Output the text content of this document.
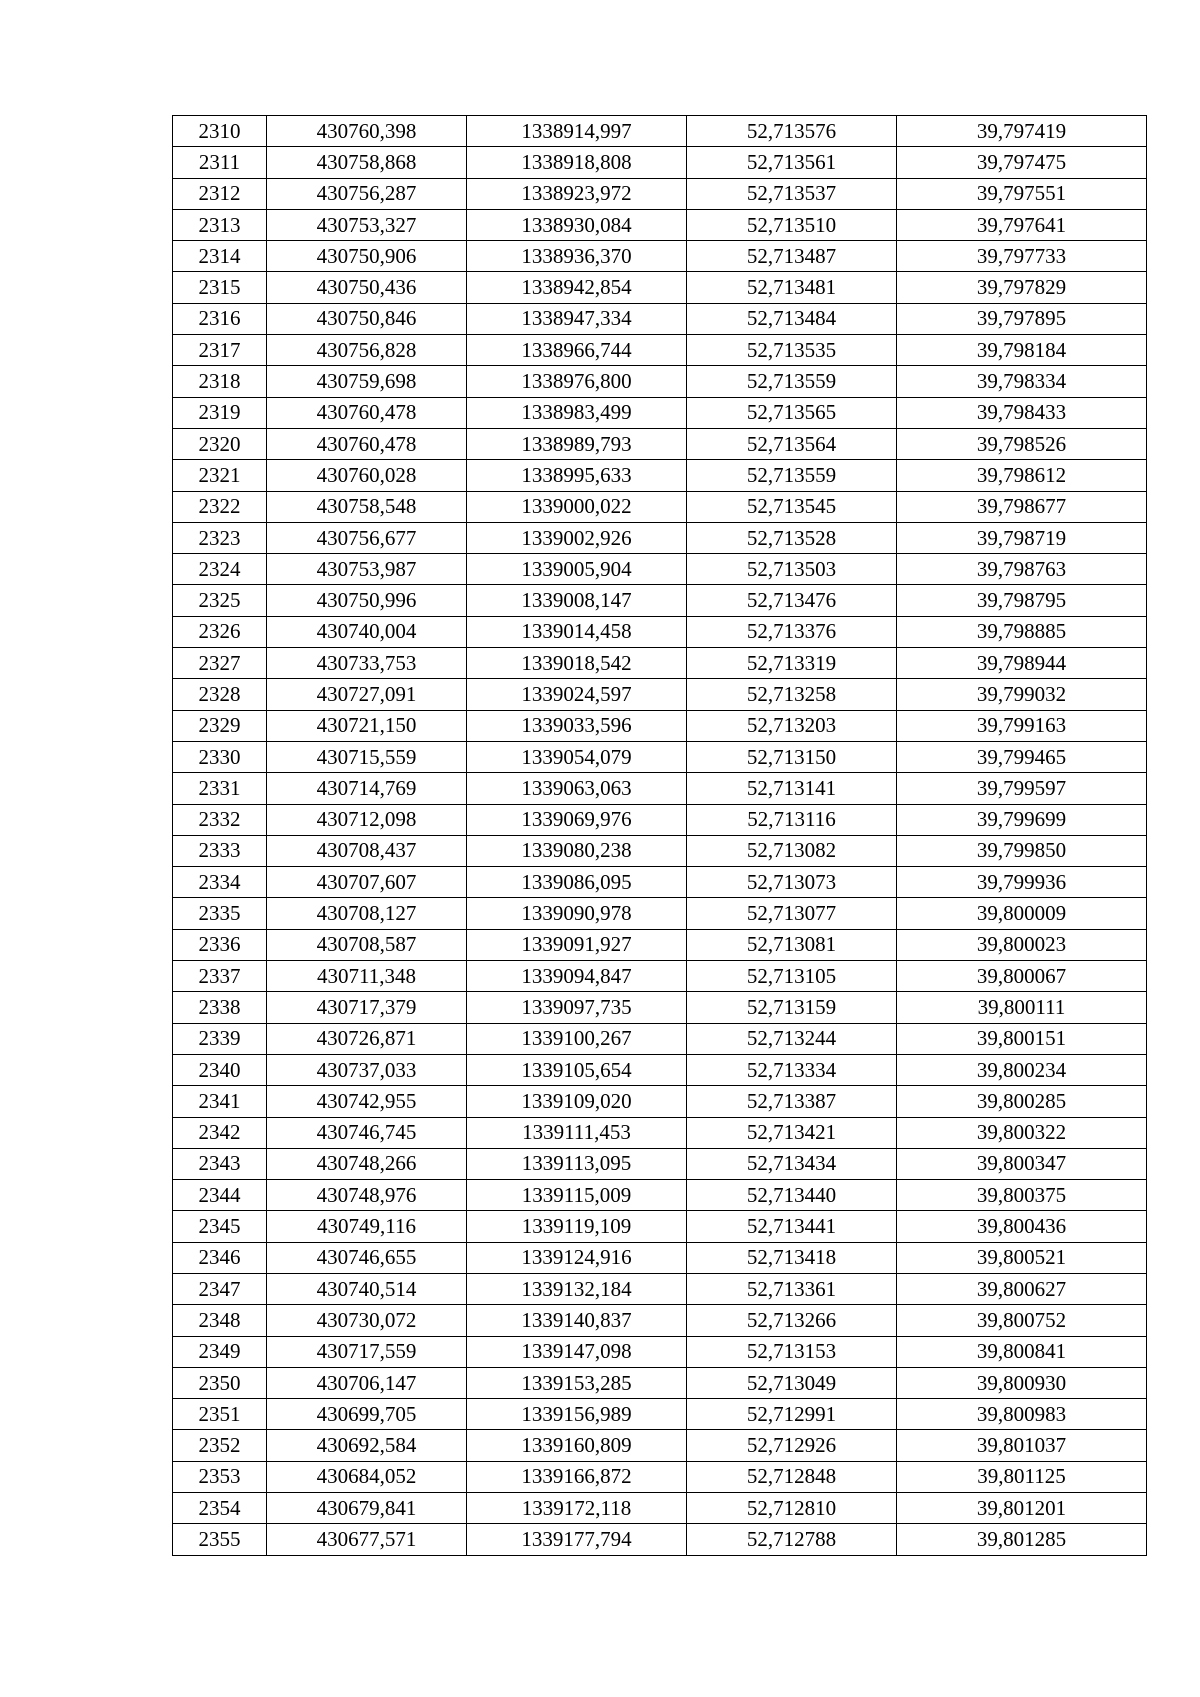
2310	430760,398	1338914,997	52,713576	39,797419
2311	430758,868	1338918,808	52,713561	39,797475
2312	430756,287	1338923,972	52,713537	39,797551
2313	430753,327	1338930,084	52,713510	39,797641
2314	430750,906	1338936,370	52,713487	39,797733
2315	430750,436	1338942,854	52,713481	39,797829
2316	430750,846	1338947,334	52,713484	39,797895
2317	430756,828	1338966,744	52,713535	39,798184
2318	430759,698	1338976,800	52,713559	39,798334
2319	430760,478	1338983,499	52,713565	39,798433
2320	430760,478	1338989,793	52,713564	39,798526
2321	430760,028	1338995,633	52,713559	39,798612
2322	430758,548	1339000,022	52,713545	39,798677
2323	430756,677	1339002,926	52,713528	39,798719
2324	430753,987	1339005,904	52,713503	39,798763
2325	430750,996	1339008,147	52,713476	39,798795
2326	430740,004	1339014,458	52,713376	39,798885
2327	430733,753	1339018,542	52,713319	39,798944
2328	430727,091	1339024,597	52,713258	39,799032
2329	430721,150	1339033,596	52,713203	39,799163
2330	430715,559	1339054,079	52,713150	39,799465
2331	430714,769	1339063,063	52,713141	39,799597
2332	430712,098	1339069,976	52,713116	39,799699
2333	430708,437	1339080,238	52,713082	39,799850
2334	430707,607	1339086,095	52,713073	39,799936
2335	430708,127	1339090,978	52,713077	39,800009
2336	430708,587	1339091,927	52,713081	39,800023
2337	430711,348	1339094,847	52,713105	39,800067
2338	430717,379	1339097,735	52,713159	39,800111
2339	430726,871	1339100,267	52,713244	39,800151
2340	430737,033	1339105,654	52,713334	39,800234
2341	430742,955	1339109,020	52,713387	39,800285
2342	430746,745	1339111,453	52,713421	39,800322
2343	430748,266	1339113,095	52,713434	39,800347
2344	430748,976	1339115,009	52,713440	39,800375
2345	430749,116	1339119,109	52,713441	39,800436
2346	430746,655	1339124,916	52,713418	39,800521
2347	430740,514	1339132,184	52,713361	39,800627
2348	430730,072	1339140,837	52,713266	39,800752
2349	430717,559	1339147,098	52,713153	39,800841
2350	430706,147	1339153,285	52,713049	39,800930
2351	430699,705	1339156,989	52,712991	39,800983
2352	430692,584	1339160,809	52,712926	39,801037
2353	430684,052	1339166,872	52,712848	39,801125
2354	430679,841	1339172,118	52,712810	39,801201
2355	430677,571	1339177,794	52,712788	39,801285
